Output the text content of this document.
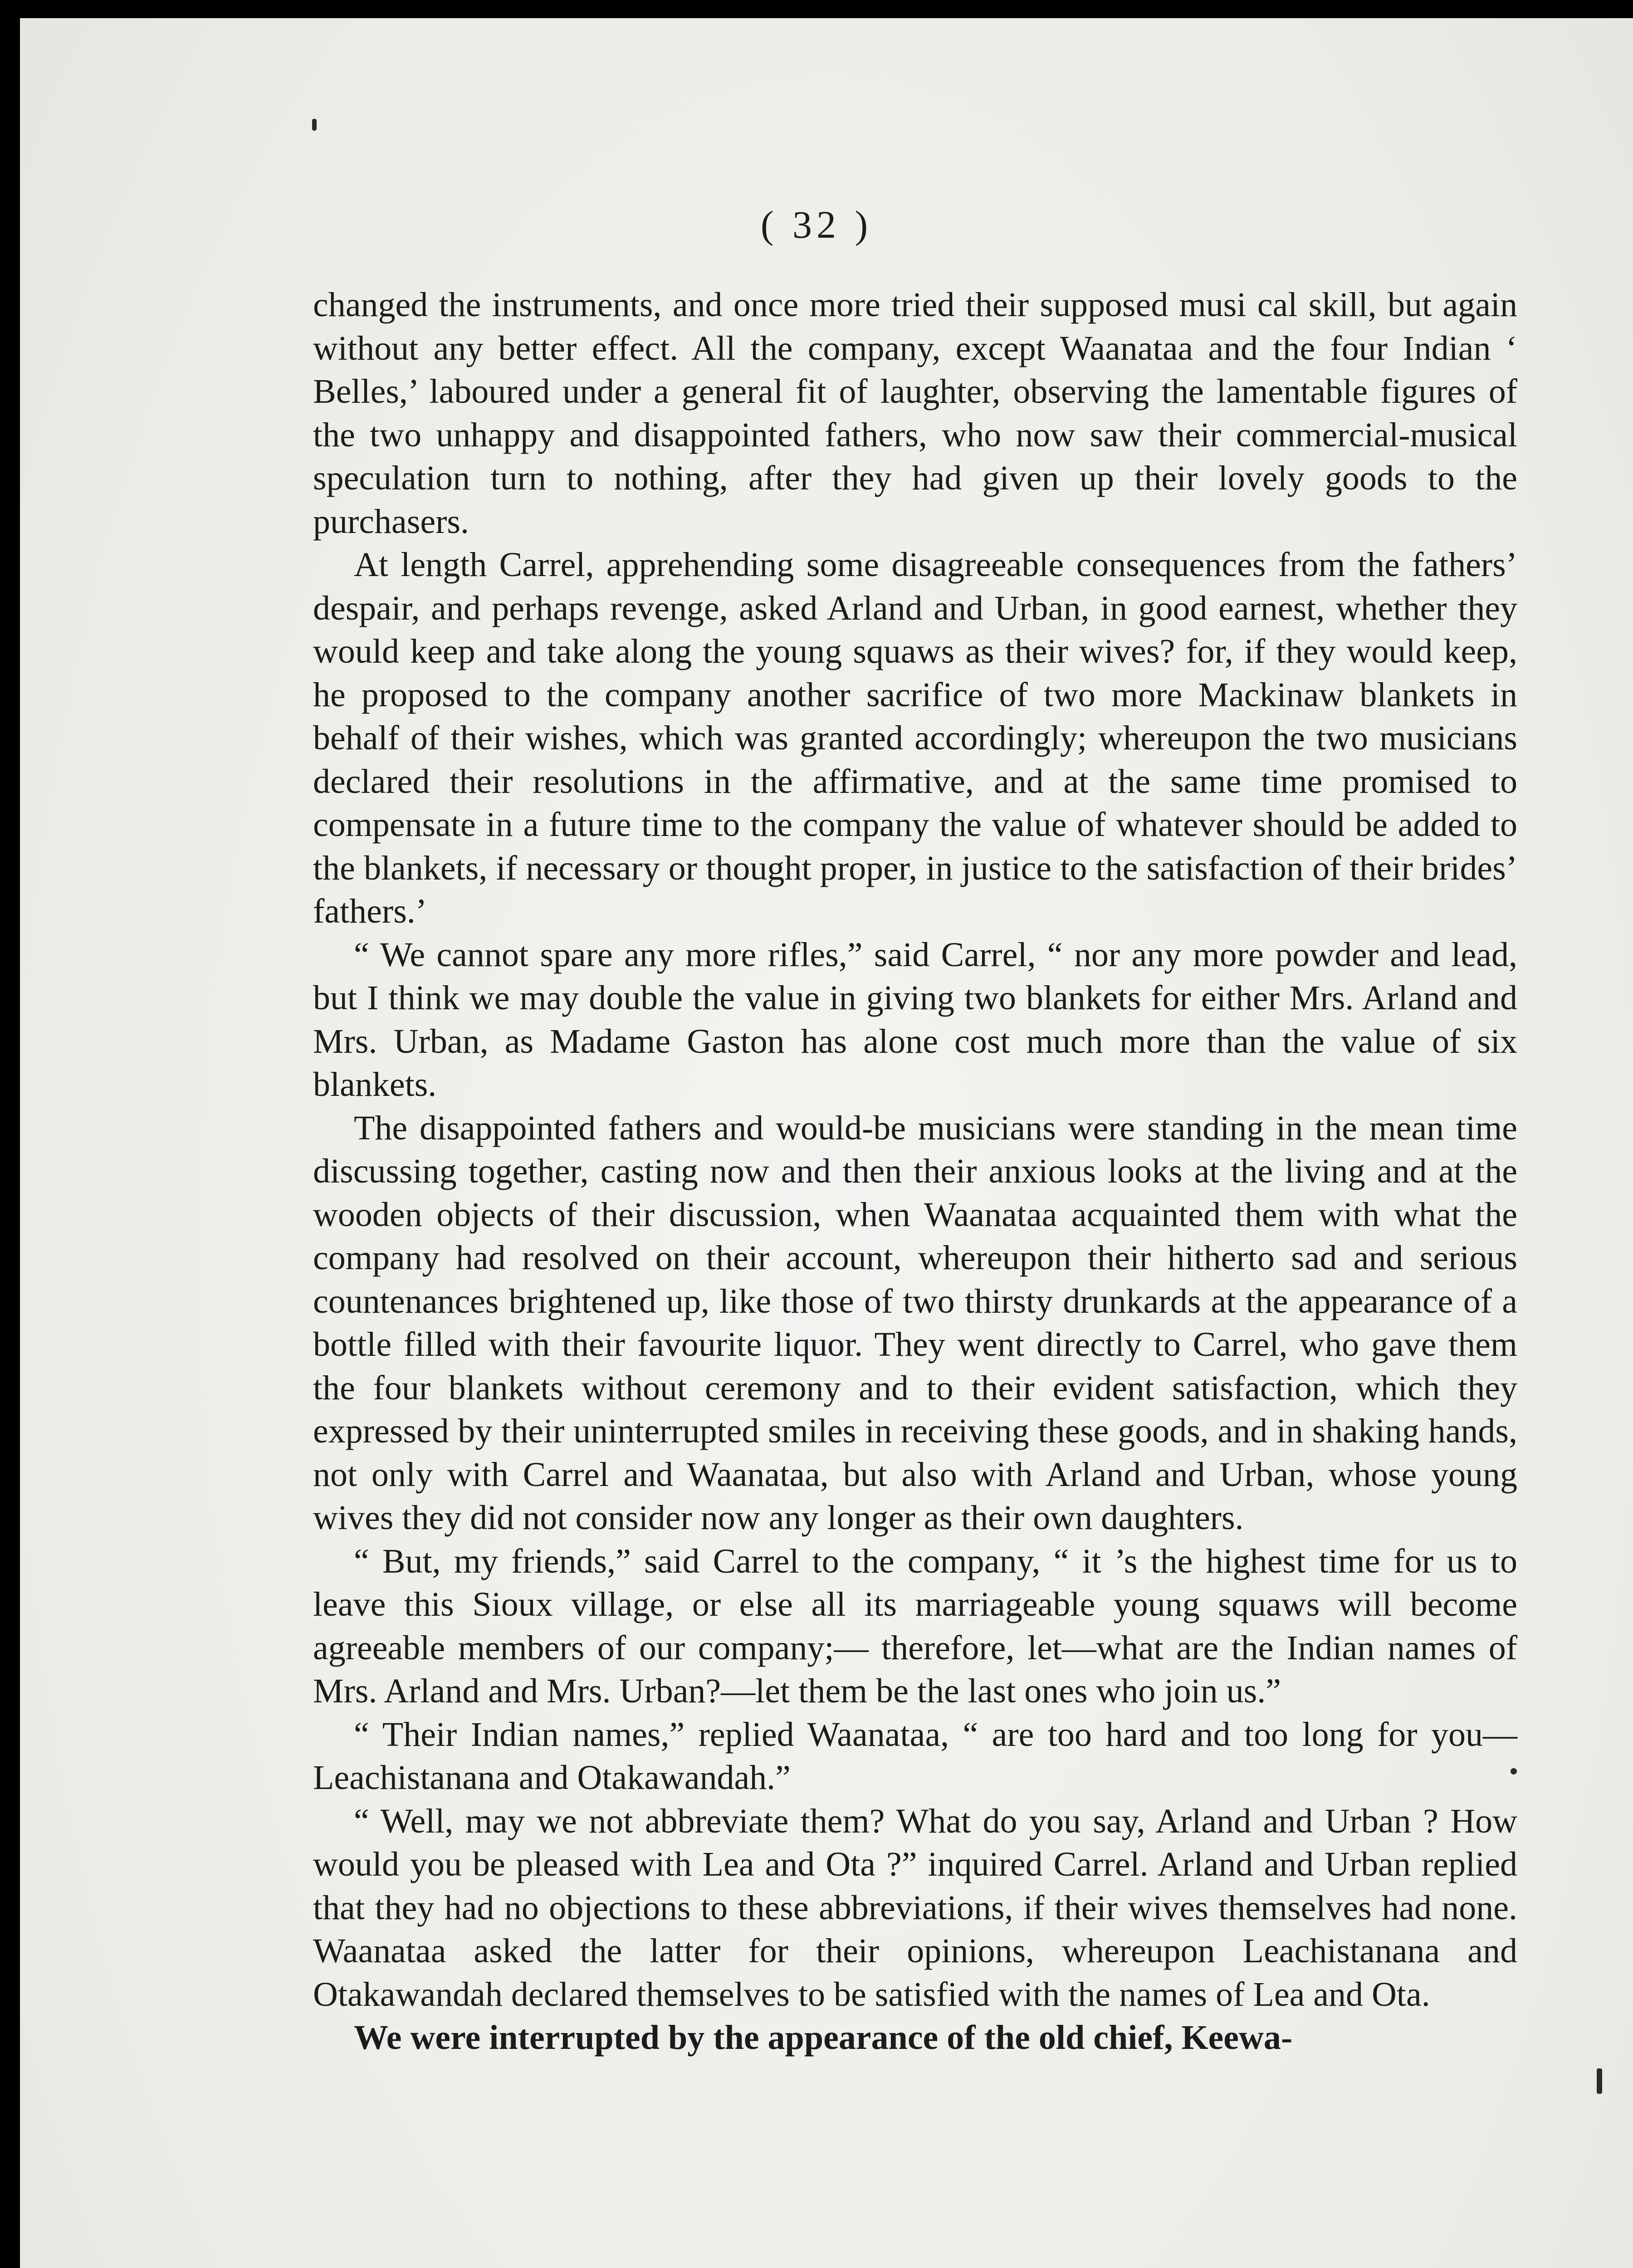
( 32 )

changed the instruments, and once more tried their supposed musi cal skill, but again without any better effect. All the company, except Waanataa and the four Indian ‘ Belles,’ laboured under a general fit of laughter, observing the lamentable figures of the two unhappy and disappointed fathers, who now saw their commercial-musical speculation turn to nothing, after they had given up their lovely goods to the purchasers.

At length Carrel, apprehending some disagreeable consequences from the fathers’ despair, and perhaps revenge, asked Arland and Urban, in good earnest, whether they would keep and take along the young squaws as their wives? for, if they would keep, he proposed to the company another sacrifice of two more Mackinaw blankets in behalf of their wishes, which was granted accordingly; whereupon the two musicians declared their resolutions in the affirmative, and at the same time promised to compensate in a future time to the company the value of whatever should be added to the blankets, if necessary or thought proper, in justice to the satisfaction of their brides’ fathers.’

“ We cannot spare any more rifles,” said Carrel, “ nor any more powder and lead, but I think we may double the value in giving two blankets for either Mrs. Arland and Mrs. Urban, as Madame Gaston has alone cost much more than the value of six blankets.

The disappointed fathers and would-be musicians were standing in the mean time discussing together, casting now and then their anxious looks at the living and at the wooden objects of their discussion, when Waanataa acquainted them with what the company had resolved on their account, whereupon their hitherto sad and serious countenances brightened up, like those of two thirsty drunkards at the appearance of a bottle filled with their favourite liquor. They went directly to Carrel, who gave them the four blankets without ceremony and to their evident satisfaction, which they expressed by their uninterrupted smiles in receiving these goods, and in shaking hands, not only with Carrel and Waanataa, but also with Arland and Urban, whose young wives they did not consider now any longer as their own daughters.

“ But, my friends,” said Carrel to the company, “ it ’s the highest time for us to leave this Sioux village, or else all its marriageable young squaws will become agreeable members of our company;— therefore, let—what are the Indian names of Mrs. Arland and Mrs. Urban?—let them be the last ones who join us.”

“ Their Indian names,” replied Waanataa, “ are too hard and too long for you—Leachistanana and Otakawandah.”

“ Well, may we not abbreviate them? What do you say, Arland and Urban ? How would you be pleased with Lea and Ota ?” inquired Carrel. Arland and Urban replied that they had no objections to these abbreviations, if their wives themselves had none. Waanataa asked the latter for their opinions, whereupon Leachistanana and Otakawandah declared themselves to be satisfied with the names of Lea and Ota.

We were interrupted by the appearance of the old chief, Keewa-
